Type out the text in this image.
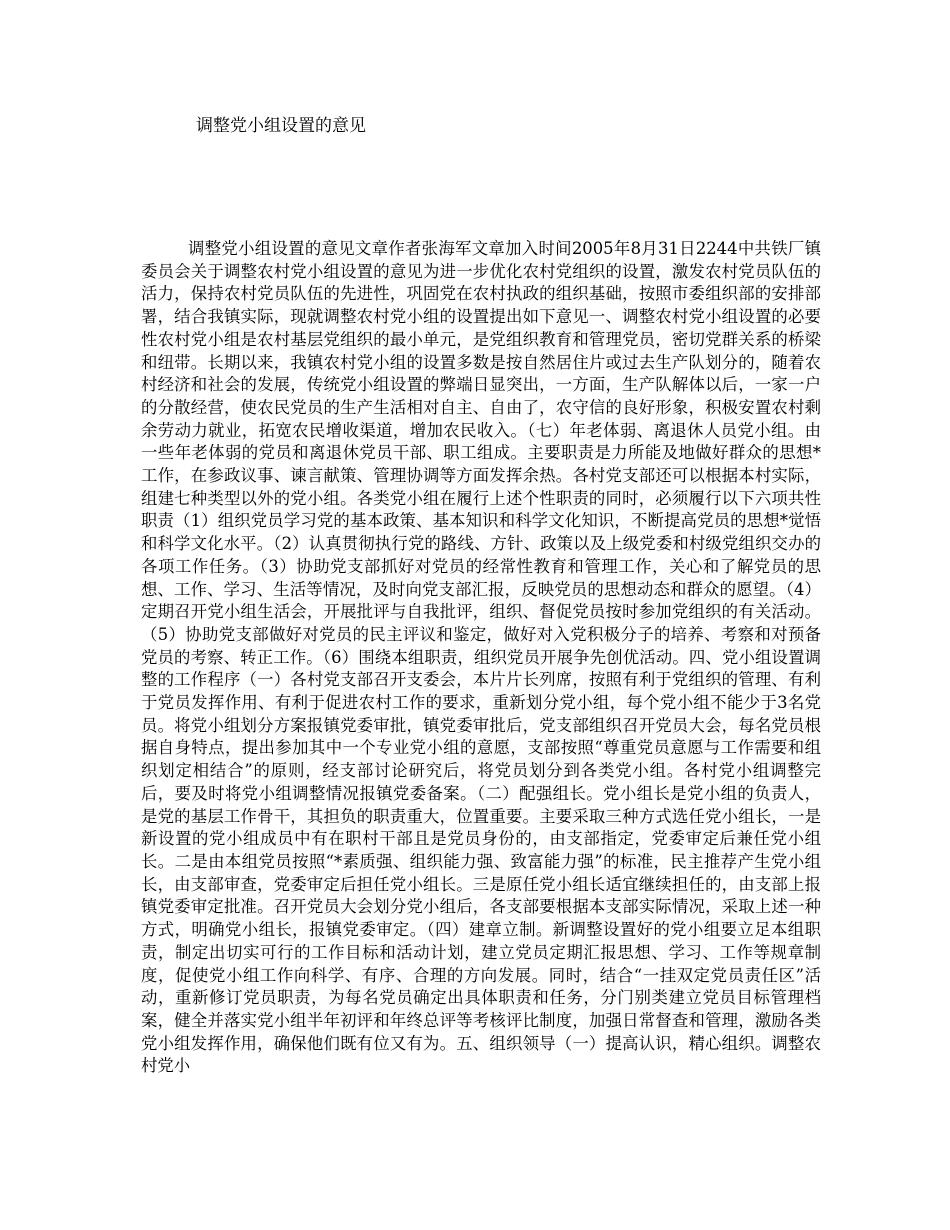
调整党小组设置的意见

调整党小组设置的意见文章作者张海军文章加入时间2005年8月31日2244中共铁厂镇委员会关于调整农村党小组设置的意见为进一步优化农村党组织的设置，激发农村党员队伍的活力，保持农村党员队伍的先进性，巩固党在农村执政的组织基础，按照市委组织部的安排部署，结合我镇实际，现就调整农村党小组的设置提出如下意见一、调整农村党小组设置的必要性农村党小组是农村基层党组织的最小单元，是党组织教育和管理党员，密切党群关系的桥梁和纽带。长期以来，我镇农村党小组的设置多数是按自然居住片或过去生产队划分的，随着农村经济和社会的发展，传统党小组设置的弊端日显突出，一方面，生产队解体以后，一家一户的分散经营，使农民党员的生产生活相对自主、自由了，农守信的良好形象，积极安置农村剩余劳动力就业，拓宽农民增收渠道，增加农民收入。（七）年老体弱、离退休人员党小组。由一些年老体弱的党员和离退休党员干部、职工组成。主要职责是力所能及地做好群众的思想*工作，在参政议事、谏言献策、管理协调等方面发挥余热。各村党支部还可以根据本村实际，组建七种类型以外的党小组。各类党小组在履行上述个性职责的同时，必须履行以下六项共性职责（1）组织党员学习党的基本政策、基本知识和科学文化知识，不断提高党员的思想*觉悟和科学文化水平。（2）认真贯彻执行党的路线、方针、政策以及上级党委和村级党组织交办的各项工作任务。（3）协助党支部抓好对党员的经常性教育和管理工作，关心和了解党员的思想、工作、学习、生活等情况，及时向党支部汇报，反映党员的思想动态和群众的愿望。（4）定期召开党小组生活会，开展批评与自我批评，组织、督促党员按时参加党组织的有关活动。（5）协助党支部做好对党员的民主评议和鉴定，做好对入党积极分子的培养、考察和对预备党员的考察、转正工作。（6）围绕本组职责，组织党员开展争先创优活动。四、党小组设置调整的工作程序（一）各村党支部召开支委会，本片片长列席，按照有利于党组织的管理、有利于党员发挥作用、有利于促进农村工作的要求，重新划分党小组，每个党小组不能少于3名党员。将党小组划分方案报镇党委审批，镇党委审批后，党支部组织召开党员大会，每名党员根据自身特点，提出参加其中一个专业党小组的意愿，支部按照“尊重党员意愿与工作需要和组织划定相结合”的原则，经支部讨论研究后，将党员划分到各类党小组。各村党小组调整完后，要及时将党小组调整情况报镇党委备案。（二）配强组长。党小组长是党小组的负责人，是党的基层工作骨干，其担负的职责重大，位置重要。主要采取三种方式选任党小组长，一是新设置的党小组成员中有在职村干部且是党员身份的，由支部指定，党委审定后兼任党小组长。二是由本组党员按照“*素质强、组织能力强、致富能力强”的标准，民主推荐产生党小组长，由支部审查，党委审定后担任党小组长。三是原任党小组长适宜继续担任的，由支部上报镇党委审定批准。召开党员大会划分党小组后，各支部要根据本支部实际情况，采取上述一种方式，明确党小组长，报镇党委审定。（四）建章立制。新调整设置好的党小组要立足本组职责，制定出切实可行的工作目标和活动计划，建立党员定期汇报思想、学习、工作等规章制度，促使党小组工作向科学、有序、合理的方向发展。同时，结合“一挂双定党员责任区”活动，重新修订党员职责，为每名党员确定出具体职责和任务，分门别类建立党员目标管理档案，健全并落实党小组半年初评和年终总评等考核评比制度，加强日常督查和管理，激励各类党小组发挥作用，确保他们既有位又有为。五、组织领导（一）提高认识，精心组织。调整农村党小
